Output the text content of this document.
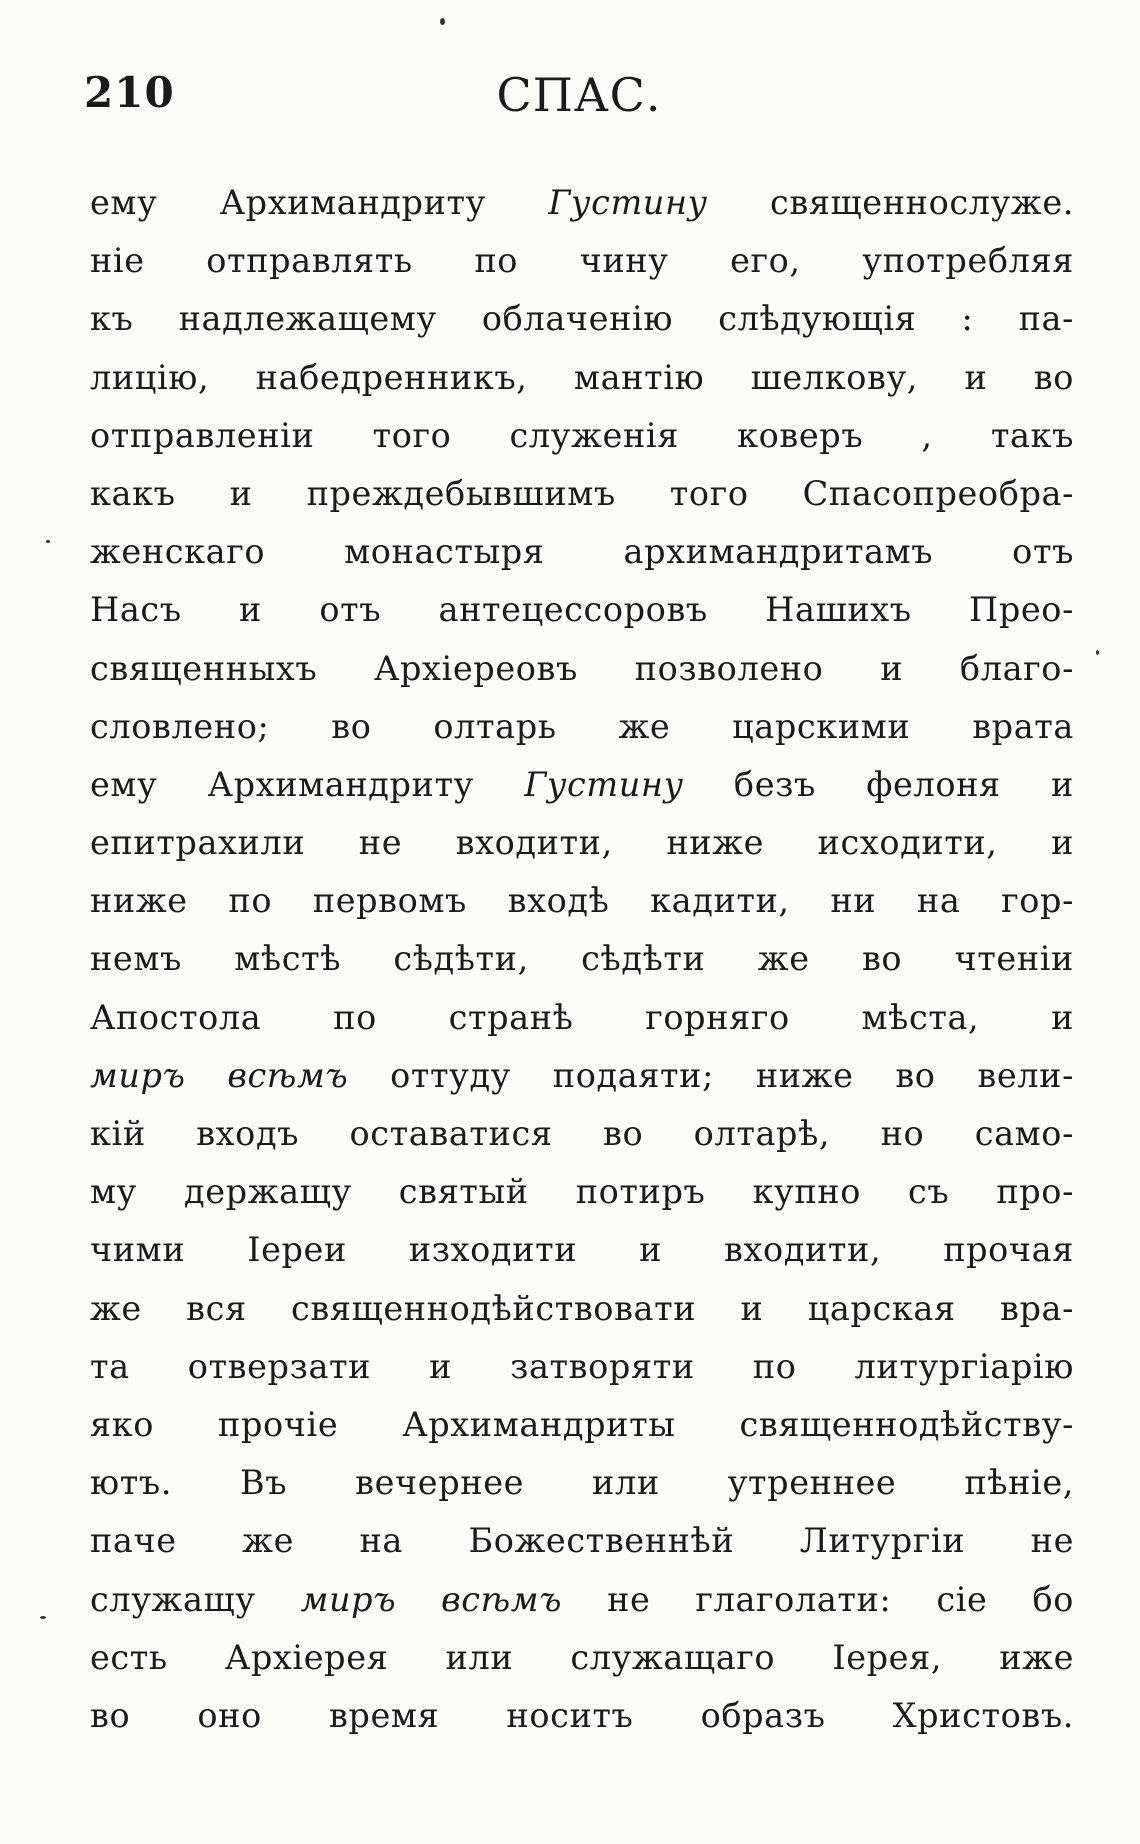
210	СПАС.
ему Архимандриту Густину священнослуже.
ніе отправлять по чину его, употребляя
къ надлежащему облаченію слѣдующія : па-
лицію, набедренникъ, мантію шелкову, и во
отправленіи того служенія коверъ , такъ
какъ и преждебывшимъ того Спасопреобра-
женскаго монастыря архимандритамъ отъ
Насъ и отъ антецессоровъ Нашихъ Прео-
священныхъ Архіереовъ позволено и благо-
словлено; во олтарь же царскими врата
ему Архимандриту Густину безъ фелоня и
епитрахили не входити, ниже исходити, и
ниже по первомъ входѣ кадити, ни на гор-
немъ мѣстѣ сѣдѣти, сѣдѣти же во чтеніи
Апостола по странѣ горняго мѣста, и
миръ всѣмъ оттуду подаяти; ниже во вели-
кій входъ оставатися во олтарѣ, но само-
му держащу святый потиръ купно съ про-
чими Іереи изходити и входити, прочая
же вся священнодѣйствовати и царская вра-
та отверзати и затворяти по литургіарію
яко прочіе Архимандриты священнодѣйству-
ютъ. Въ вечернее или утреннее пѣніе,
паче же на Божественнѣй Литургіи не
служащу миръ всѣмъ не глаголати: сіе бо
есть Архіерея или служащаго Іерея, иже
во оно время носитъ образъ Христовъ.
